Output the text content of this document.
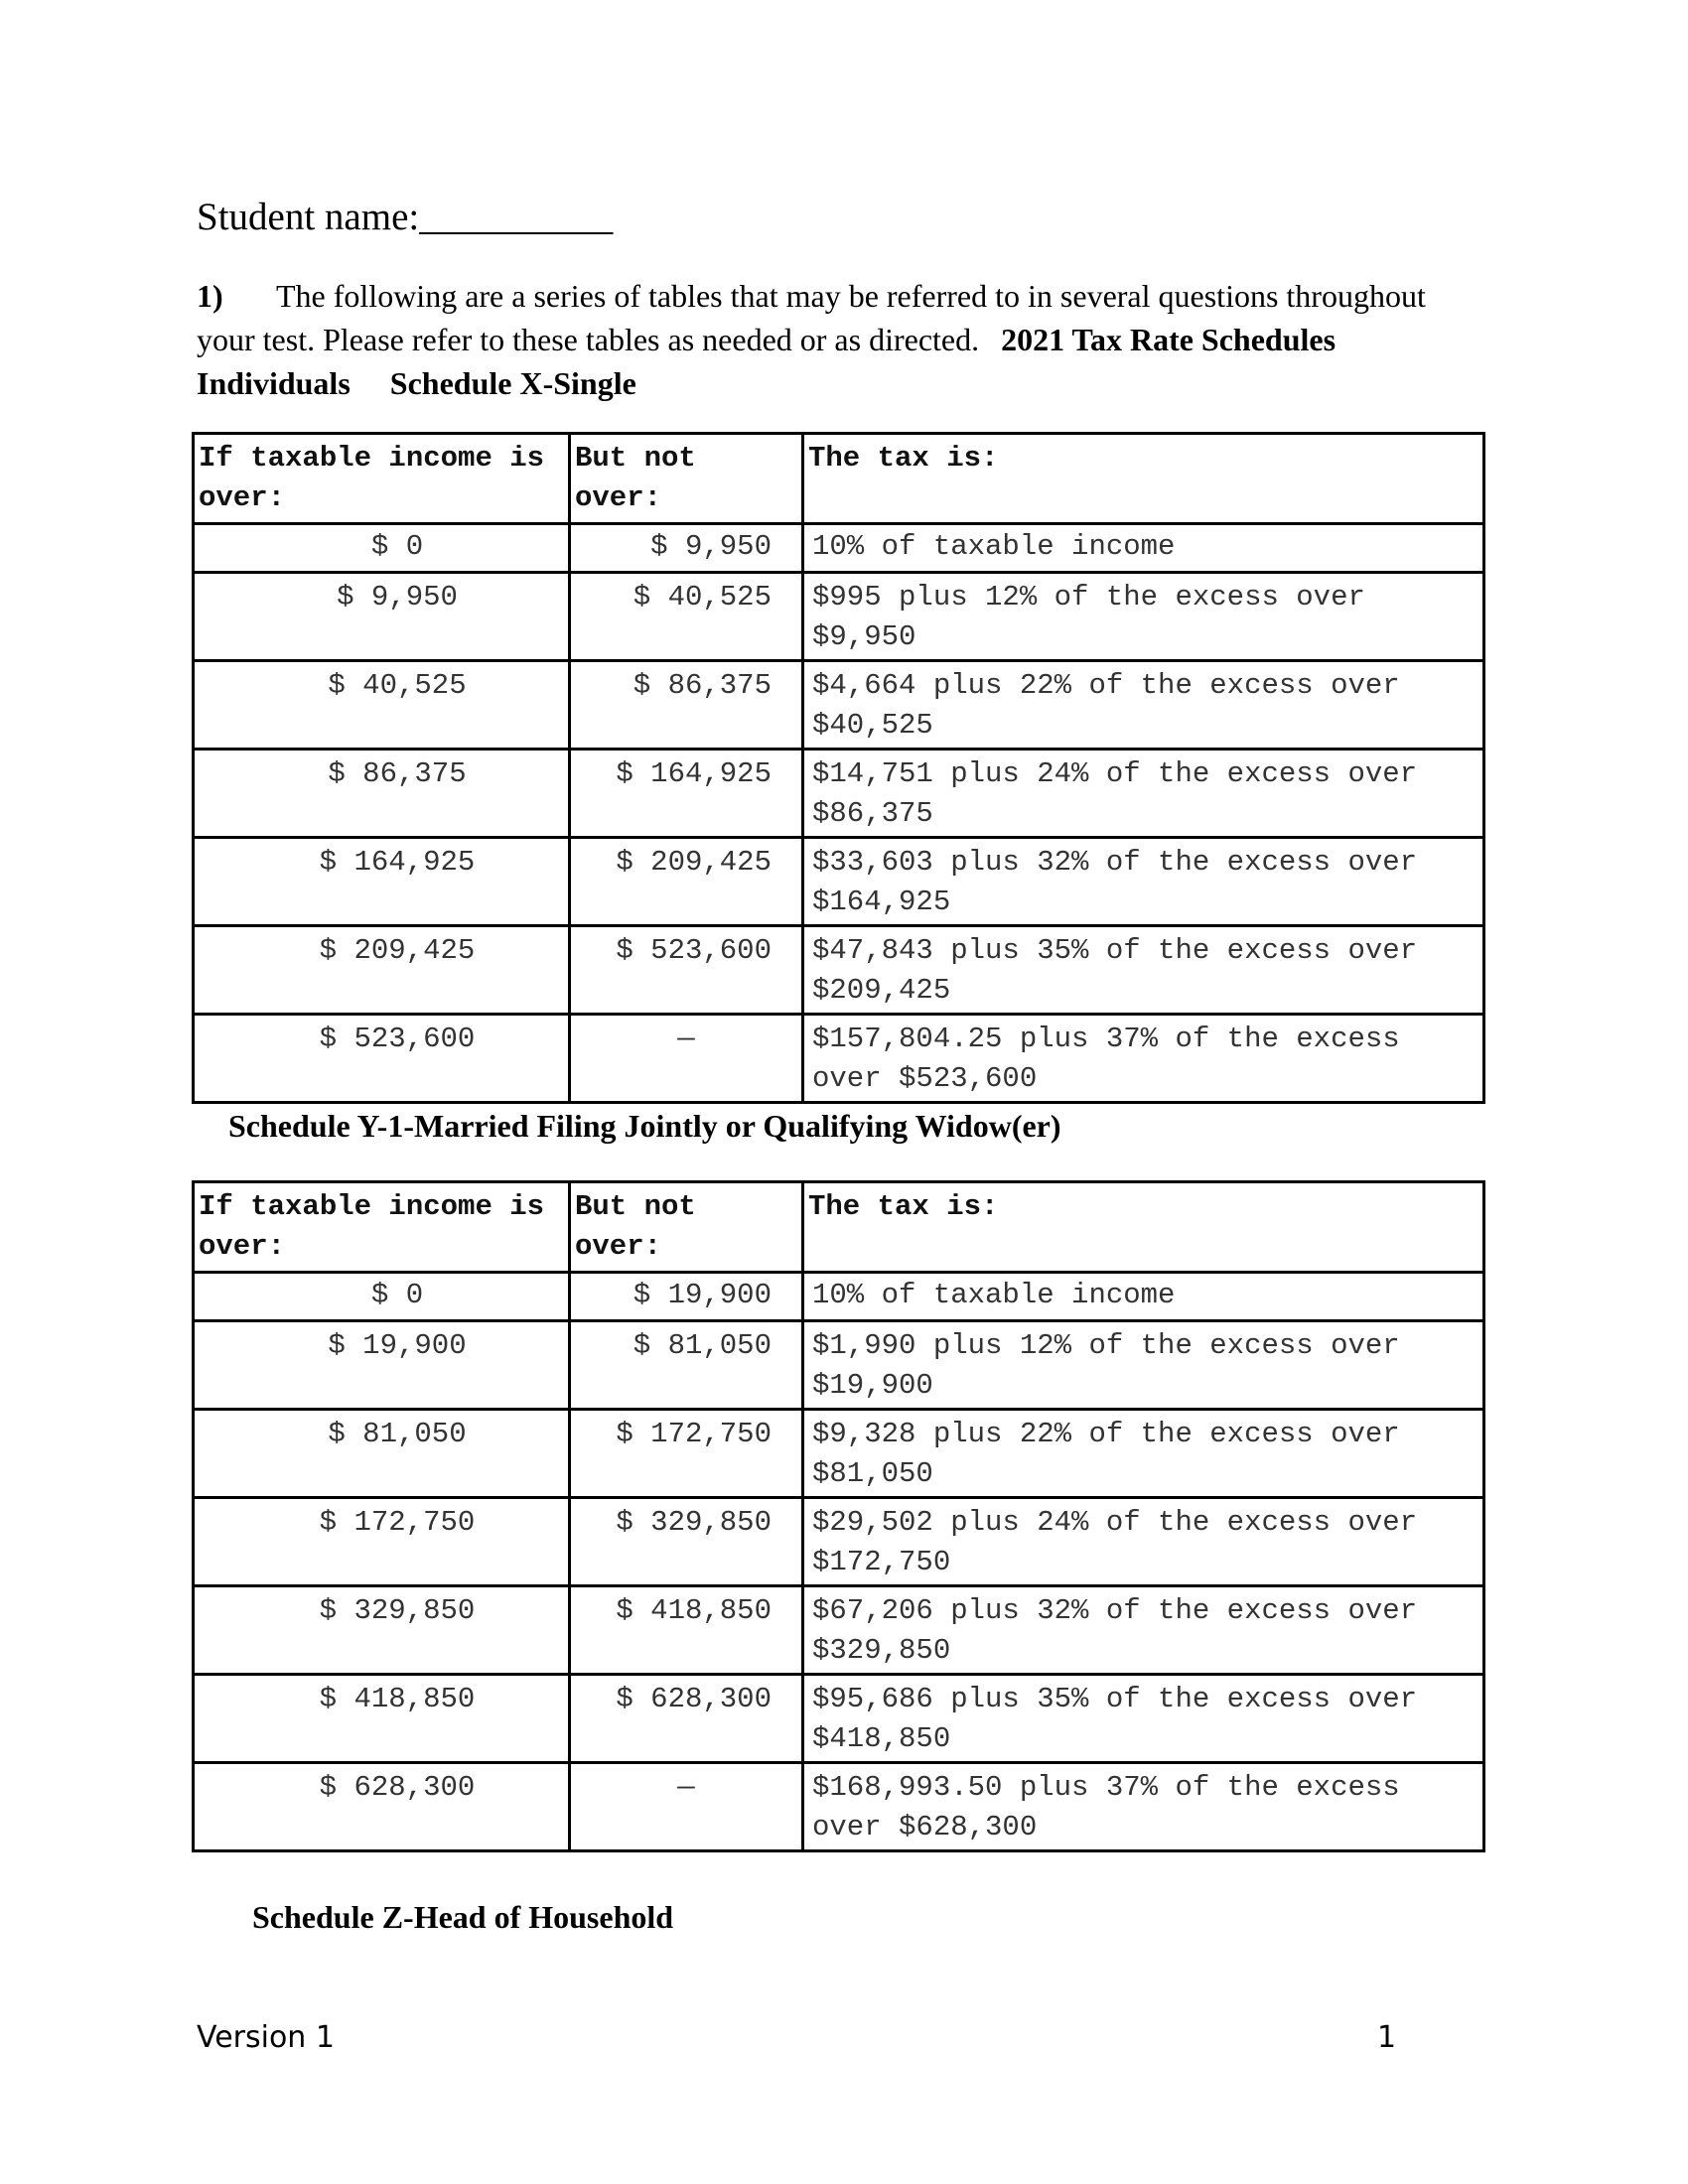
Student name:__________
1) The following are a series of tables that may be referred to in several questions throughout your test. Please refer to these tables as needed or as directed. 2021 Tax Rate SchedulesIndividuals Schedule X-Single
If taxable income is over:	But not over:	The tax is:
$ 0	$ 9,950	10% of taxable income
$ 9,950	$ 40,525	$995 plus 12% of the excess over $9,950
$ 40,525	$ 86,375	$4,664 plus 22% of the excess over $40,525
$ 86,375	$ 164,925	$14,751 plus 24% of the excess over $86,375
$ 164,925	$ 209,425	$33,603 plus 32% of the excess over $164,925
$ 209,425	$ 523,600	$47,843 plus 35% of the excess over $209,425
$ 523,600	—	$157,804.25 plus 37% of the excess over $523,600
Schedule Y-1-Married Filing Jointly or Qualifying Widow(er)
If taxable income is over:	But not over:	The tax is:
$ 0	$ 19,900	10% of taxable income
$ 19,900	$ 81,050	$1,990 plus 12% of the excess over $19,900
$ 81,050	$ 172,750	$9,328 plus 22% of the excess over $81,050
$ 172,750	$ 329,850	$29,502 plus 24% of the excess over $172,750
$ 329,850	$ 418,850	$67,206 plus 32% of the excess over $329,850
$ 418,850	$ 628,300	$95,686 plus 35% of the excess over $418,850
$ 628,300	—	$168,993.50 plus 37% of the excess over $628,300
Schedule Z-Head of Household
Version 1	1
